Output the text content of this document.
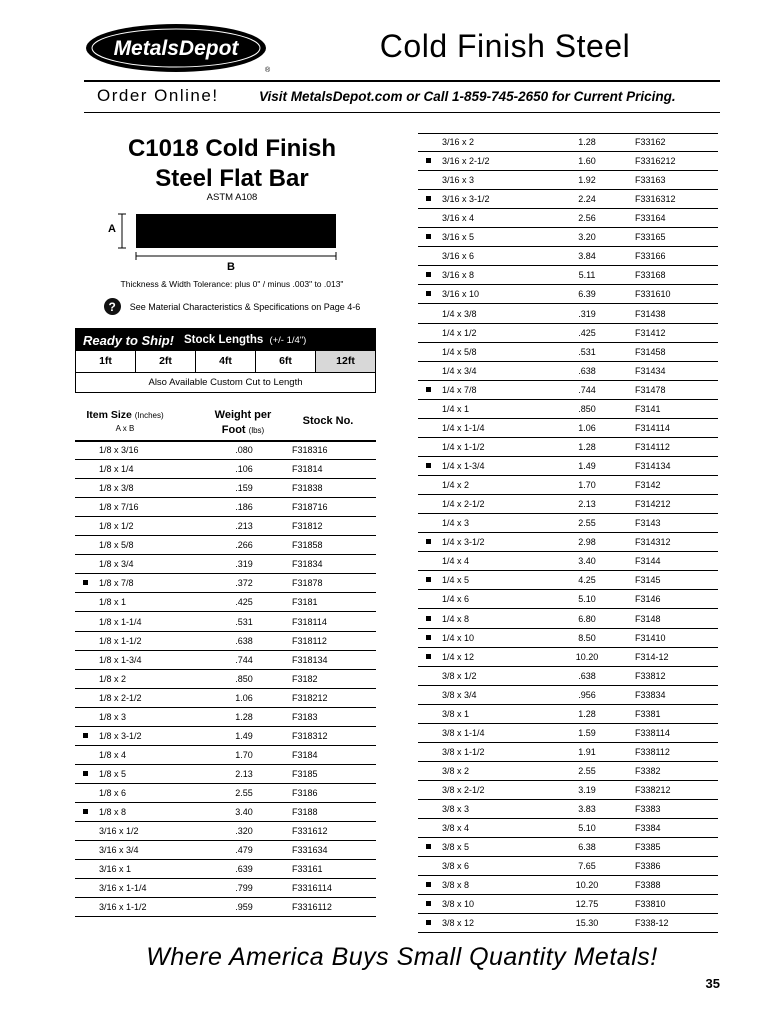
MetalsDepot
®
Cold Finish Steel
Order Online!	Visit MetalsDepot.com or Call 1-859-745-2650 for Current Pricing.
C1018 Cold Finish
Steel Flat Bar
ASTM A108
A
B
Thickness & Width Tolerance: plus 0" / minus .003" to .013"
?	See Material Characteristics & Specifications on Page 4-6
Ready to Ship! Stock Lengths (+/- 1/4")
1ft	2ft	4ft	6ft	12ft
Also Available Custom Cut to Length
Item Size (Inches)
A x B
Weight per
Foot (lbs)
Stock No.
1/8 x 3/16	.080	F318316
1/8 x 1/4	.106	F31814
1/8 x 3/8	.159	F31838
1/8 x 7/16	.186	F318716
1/8 x 1/2	.213	F31812
1/8 x 5/8	.266	F31858
1/8 x 3/4	.319	F31834
1/8 x 7/8	.372	F31878
1/8 x 1	.425	F3181
1/8 x 1-1/4	.531	F318114
1/8 x 1-1/2	.638	F318112
1/8 x 1-3/4	.744	F318134
1/8 x 2	.850	F3182
1/8 x 2-1/2	1.06	F318212
1/8 x 3	1.28	F3183
1/8 x 3-1/2	1.49	F318312
1/8 x 4	1.70	F3184
1/8 x 5	2.13	F3185
1/8 x 6	2.55	F3186
1/8 x 8	3.40	F3188
3/16 x 1/2	.320	F331612
3/16 x 3/4	.479	F331634
3/16 x 1	.639	F33161
3/16 x 1-1/4	.799	F3316114
3/16 x 1-1/2	.959	F3316112
3/16 x 2	1.28	F33162
3/16 x 2-1/2	1.60	F3316212
3/16 x 3	1.92	F33163
3/16 x 3-1/2	2.24	F3316312
3/16 x 4	2.56	F33164
3/16 x 5	3.20	F33165
3/16 x 6	3.84	F33166
3/16 x 8	5.11	F33168
3/16 x 10	6.39	F331610
1/4 x 3/8	.319	F31438
1/4 x 1/2	.425	F31412
1/4 x 5/8	.531	F31458
1/4 x 3/4	.638	F31434
1/4 x 7/8	.744	F31478
1/4 x 1	.850	F3141
1/4 x 1-1/4	1.06	F314114
1/4 x 1-1/2	1.28	F314112
1/4 x 1-3/4	1.49	F314134
1/4 x 2	1.70	F3142
1/4 x 2-1/2	2.13	F314212
1/4 x 3	2.55	F3143
1/4 x 3-1/2	2.98	F314312
1/4 x 4	3.40	F3144
1/4 x 5	4.25	F3145
1/4 x 6	5.10	F3146
1/4 x 8	6.80	F3148
1/4 x 10	8.50	F31410
1/4 x 12	10.20	F314-12
3/8 x 1/2	.638	F33812
3/8 x 3/4	.956	F33834
3/8 x 1	1.28	F3381
3/8 x 1-1/4	1.59	F338114
3/8 x 1-1/2	1.91	F338112
3/8 x 2	2.55	F3382
3/8 x 2-1/2	3.19	F338212
3/8 x 3	3.83	F3383
3/8 x 4	5.10	F3384
3/8 x 5	6.38	F3385
3/8 x 6	7.65	F3386
3/8 x 8	10.20	F3388
3/8 x 10	12.75	F33810
3/8 x 12	15.30	F338-12
Where America Buys Small Quantity Metals!
35
